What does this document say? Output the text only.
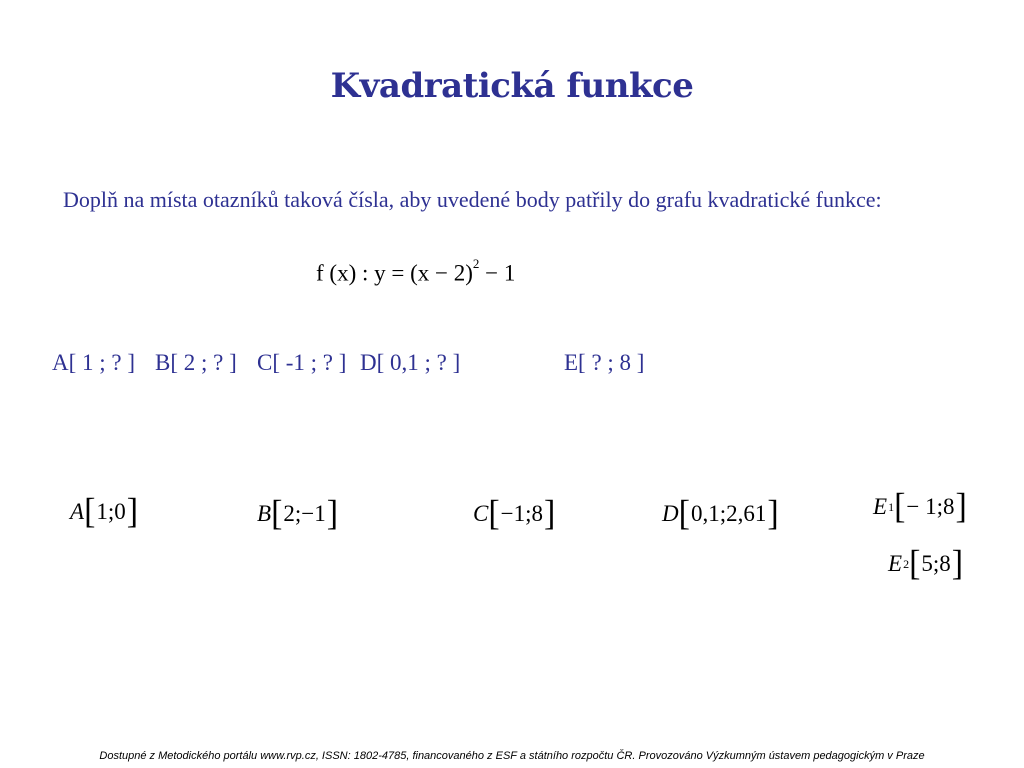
Kvadratická funkce
Doplň na místa otazníků taková čísla, aby uvedené body patřily do grafu kvadratické funkce:
f (x) : $y = (x - 2)^2 - 1$
A[ 1 ; ? ] B[ 2 ; ? ] C[ -1 ; ? ] D[ 0,1 ; ? ]	E[ ? ; 8 ]
A [ 1;0 ]	B [ 2;−1 ]	C [ −1;8 ]	D [ 0,1;2,61 ]	E 1 [ − 1;8 ]
E 2 [ 5;8 ]
Dostupné z Metodického portálu www.rvp.cz, ISSN: 1802-4785, financovaného z ESF a státního rozpočtu ČR. Provozováno Výzkumným ústavem pedagogickým v Praze
